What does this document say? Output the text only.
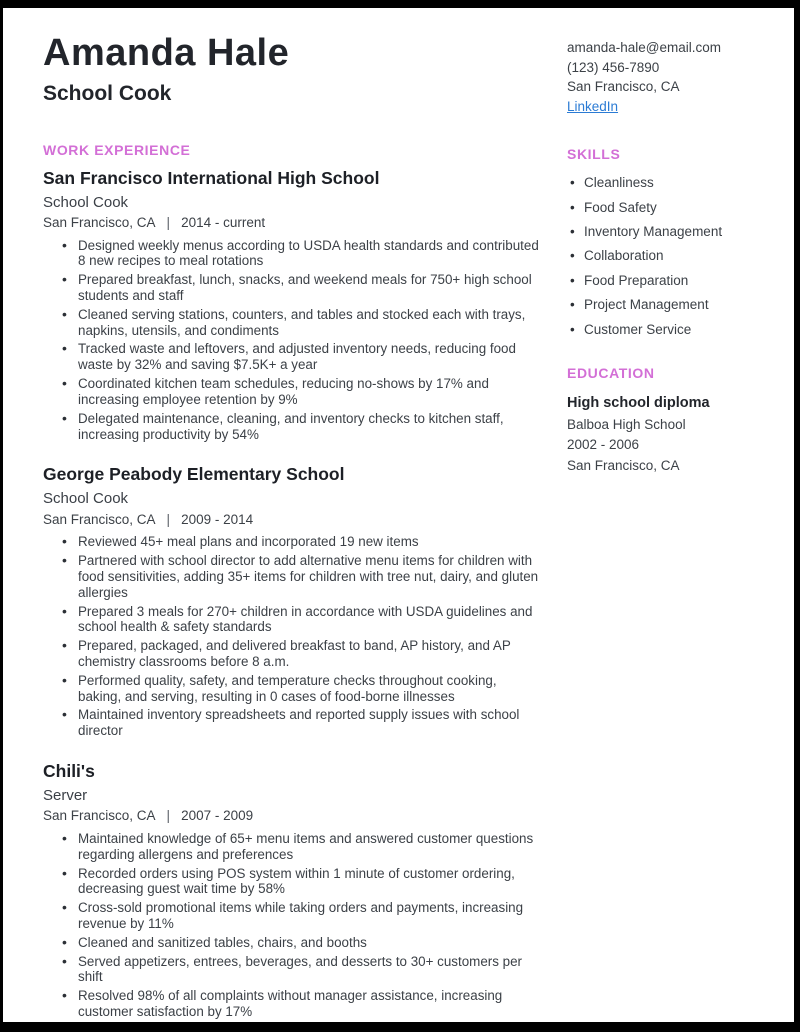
Amanda Hale
School Cook
WORK EXPERIENCE
San Francisco International High School
School Cook
San Francisco, CA | 2014 - current
• Designed weekly menus according to USDA health standards and contributed 8 new recipes to meal rotations
• Prepared breakfast, lunch, snacks, and weekend meals for 750+ high school students and staff
• Cleaned serving stations, counters, and tables and stocked each with trays, napkins, utensils, and condiments
• Tracked waste and leftovers, and adjusted inventory needs, reducing food waste by 32% and saving $7.5K+ a year
• Coordinated kitchen team schedules, reducing no-shows by 17% and increasing employee retention by 9%
• Delegated maintenance, cleaning, and inventory checks to kitchen staff, increasing productivity by 54%
George Peabody Elementary School
School Cook
San Francisco, CA | 2009 - 2014
• Reviewed 45+ meal plans and incorporated 19 new items
• Partnered with school director to add alternative menu items for children with food sensitivities, adding 35+ items for children with tree nut, dairy, and gluten allergies
• Prepared 3 meals for 270+ children in accordance with USDA guidelines and school health & safety standards
• Prepared, packaged, and delivered breakfast to band, AP history, and AP chemistry classrooms before 8 a.m.
• Performed quality, safety, and temperature checks throughout cooking, baking, and serving, resulting in 0 cases of food-borne illnesses
• Maintained inventory spreadsheets and reported supply issues with school director
Chili's
Server
San Francisco, CA | 2007 - 2009
• Maintained knowledge of 65+ menu items and answered customer questions regarding allergens and preferences
• Recorded orders using POS system within 1 minute of customer ordering, decreasing guest wait time by 58%
• Cross-sold promotional items while taking orders and payments, increasing revenue by 11%
• Cleaned and sanitized tables, chairs, and booths
• Served appetizers, entrees, beverages, and desserts to 30+ customers per shift
• Resolved 98% of all complaints without manager assistance, increasing customer satisfaction by 17%
amanda-hale@email.com
(123) 456-7890
San Francisco, CA
LinkedIn
SKILLS
• Cleanliness
• Food Safety
• Inventory Management
• Collaboration
• Food Preparation
• Project Management
• Customer Service
EDUCATION
High school diploma
Balboa High School
2002 - 2006
San Francisco, CA
